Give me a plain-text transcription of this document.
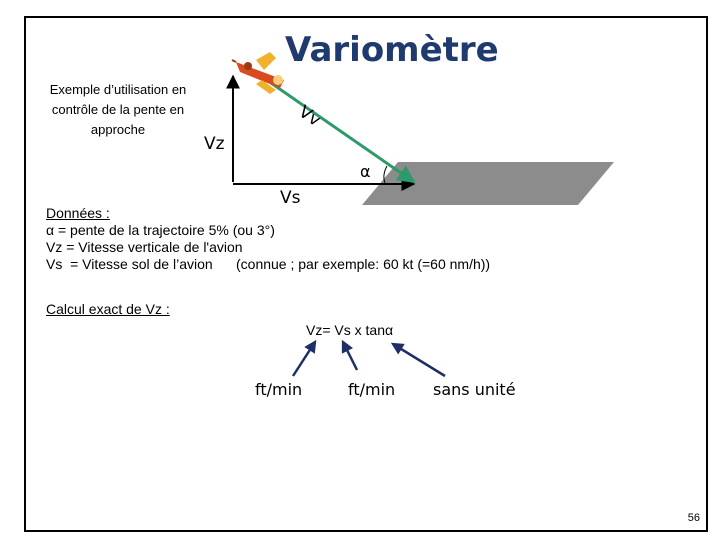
Variomètre
Exemple d’utilisation en contrôle de la pente en approche	Vv
Vz
Vs
α
Données :
α = pente de la trajectoire 5% (ou 3°)
Vz = Vitesse verticale de l'avion
Vs  = Vitesse sol de l’avion      (connue ; par exemple: 60 kt (=60 nm/h))
Calcul exact de Vz :
Vz= Vs x tanα
ft/min	ft/min sans unité
56
